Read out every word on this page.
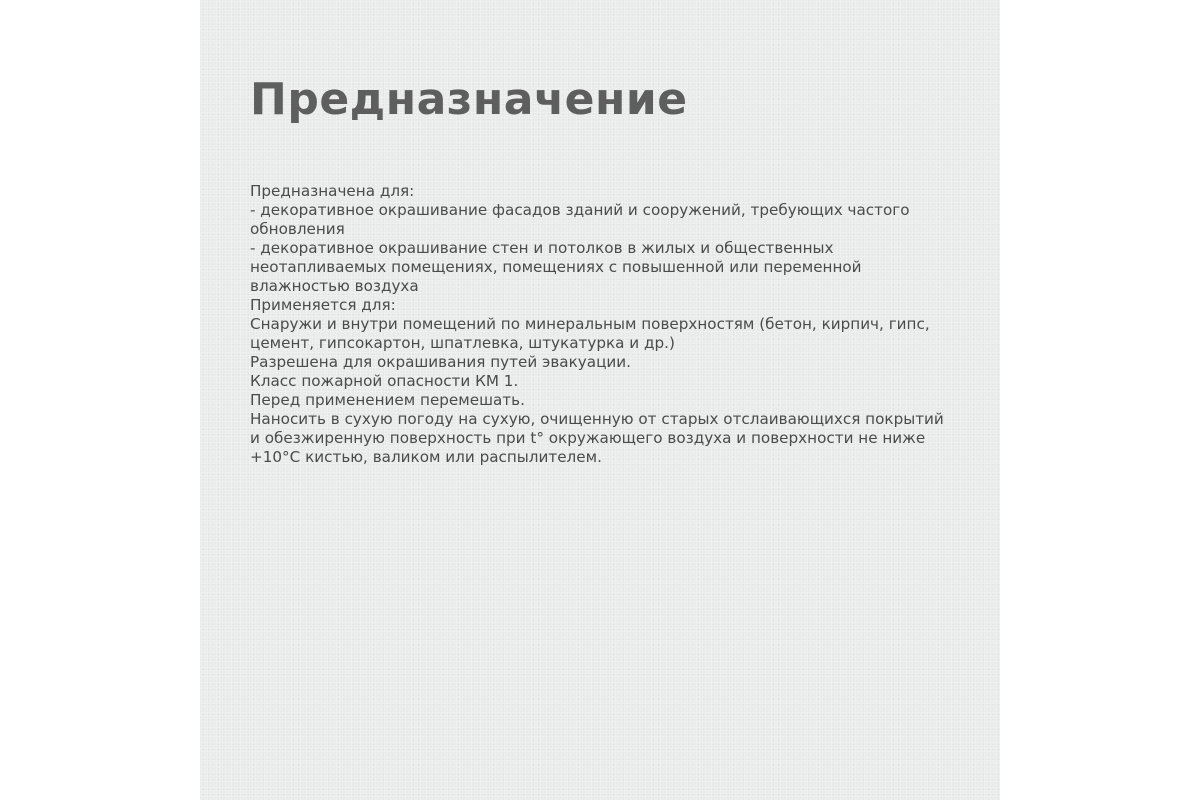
Предназначение
Предназначена для:
- декоративное окрашивание фасадов зданий и сооружений, требующих частого
обновления
- декоративное окрашивание стен и потолков в жилых и общественных
неотапливаемых помещениях, помещениях с повышенной или переменной
влажностью воздуха
Применяется для:
Снаружи и внутри помещений по минеральным поверхностям (бетон, кирпич, гипс,
цемент, гипсокартон, шпатлевка, штукатурка и др.)
Разрешена для окрашивания путей эвакуации.
Класс пожарной опасности КМ 1.
Перед применением перемешать.
Наносить в сухую погоду на сухую, очищенную от старых отслаивающихся покрытий
и обезжиренную поверхность при t° окружающего воздуха и поверхности не ниже
+10°C кистью, валиком или распылителем.
